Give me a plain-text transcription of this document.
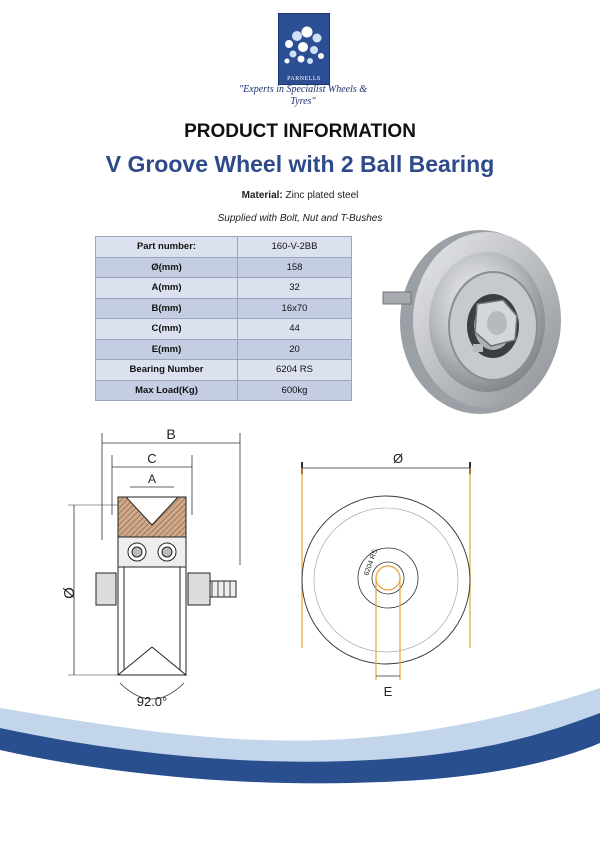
PARNELLS
"Experts in Specialist Wheels & Tyres"
PRODUCT INFORMATION
V Groove Wheel with 2 Ball Bearing
Material: Zinc plated steel
Supplied with Bolt, Nut and T-Bushes
Part number:	160-V-2BB
Ø(mm)	158
A(mm)	32
B(mm)	16x70
C(mm)	44
E(mm)	20
Bearing Number	6204 RS
Max Load(Kg)	600kg
B
C
A
Ø
92.0°
Ø
6204 RS
E
